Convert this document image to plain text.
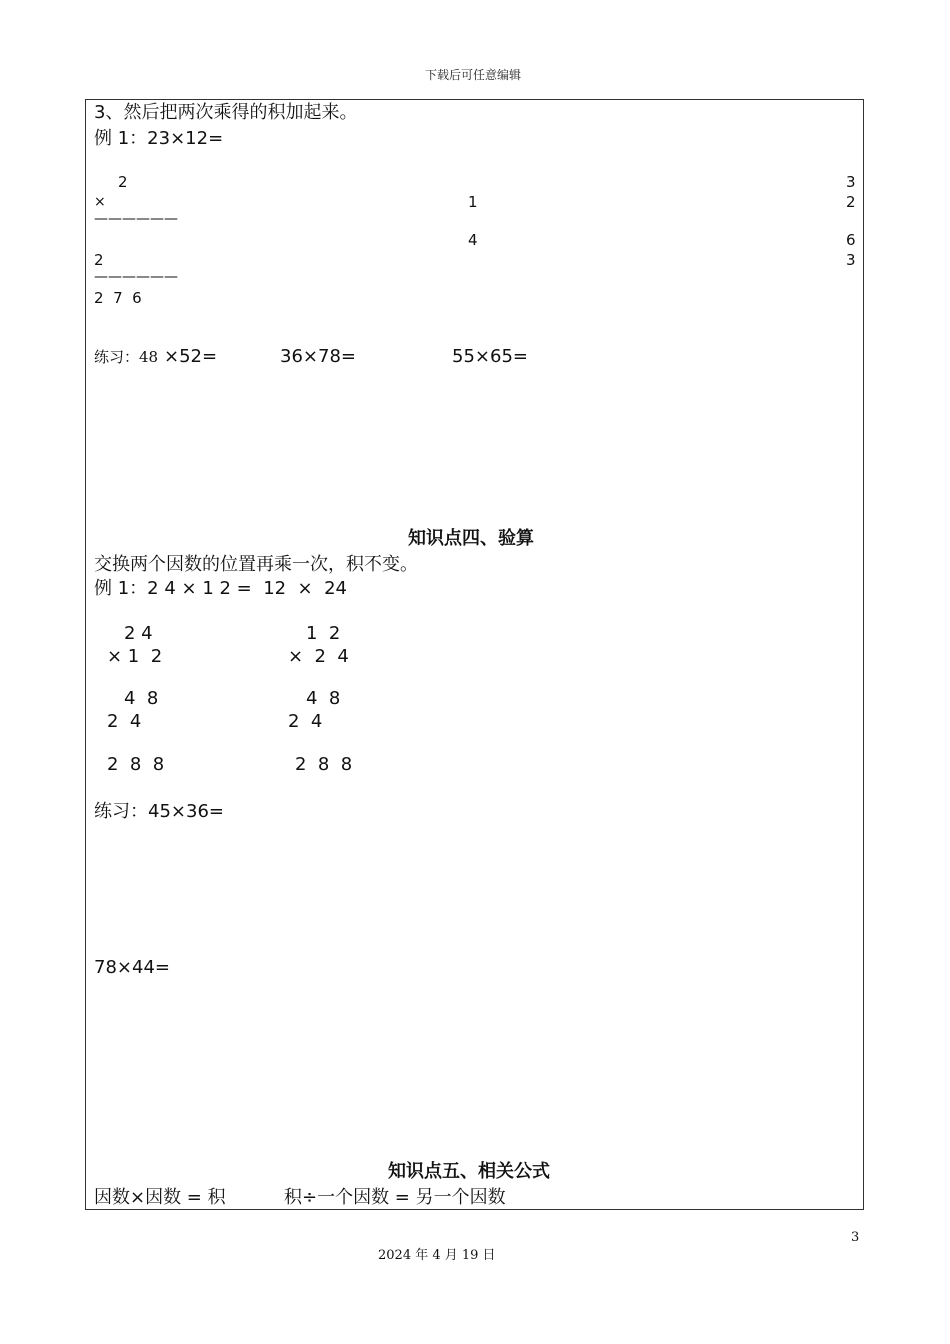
下载后可任意编辑
3、然后把两次乘得的积加起来。
例 1：23×12=
2	3
×	1	2
——————
4	6
2	3
——————
2  7  6
练习：48 ×52=	36×78=	55×65=
知识点四、验算
交换两个因数的位置再乘一次，积不变。
例 1：2 4 × 1 2 =  12  ×  24
2 4
× 1  2
4  8
2  4
2  8  8
1  2
×  2  4
4  8
2  4
2  8  8
练习：45×36=
78×44=
知识点五、相关公式
因数×因数 = 积	积÷一个因数 = 另一个因数
3
2024 年 4 月 19 日
